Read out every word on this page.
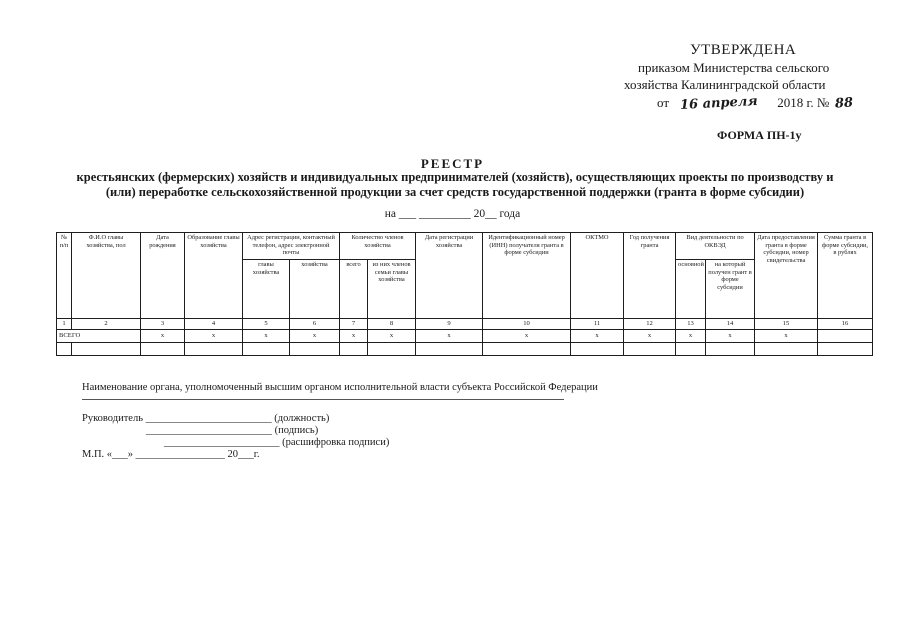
УТВЕРЖДЕНА
приказом Министерства сельского
хозяйства Калининградской области
от 16 апреля 2018 г. № 88
ФОРМА ПН-1у
РЕЕСТР
крестьянских (фермерских) хозяйств и индивидуальных предпринимателей (хозяйств), осуществляющих проекты по производству и
(или) переработке сельскохозяйственной продукции за счет средств государственной поддержки (гранта в форме субсидии)
на ___ _________ 20__ года
№ п/п	Ф.И.О главы хозяйства, пол	Дата рождения	Образование главы хозяйства	Адрес регистрации, контактный телефон, адрес электронной почты		Количество членов хозяйства		Дата регистрации хозяйства	Идентификационный номер (ИНН) получателя гранта в форме субсидии	ОКТМО	Год получения гранта	Вид деятельности по ОКВЭД		Дата предоставления гранта в форме субсидии, номер свидетельства	Сумма гранта в форме субсидии, в рублях
				главы хозяйства	хозяйства	всего	из них членов семьи главы хозяйства					основной	на который получен грант в форме субсидии		
1	2	3	4	5	6	7	8	9	10	11	12	13	14	15	16
ВСЕГО		х	х	х	х	х	х	х	х	х	х	х	х	х	

Наименование органа, уполномоченный высшим органом исполнительной власти субъекта Российской Федерации
Руководитель ________________________ (должность)
________________________ (подпись)
______________________ (расшифровка подписи)
М.П. «___» _________________ 20___г.
